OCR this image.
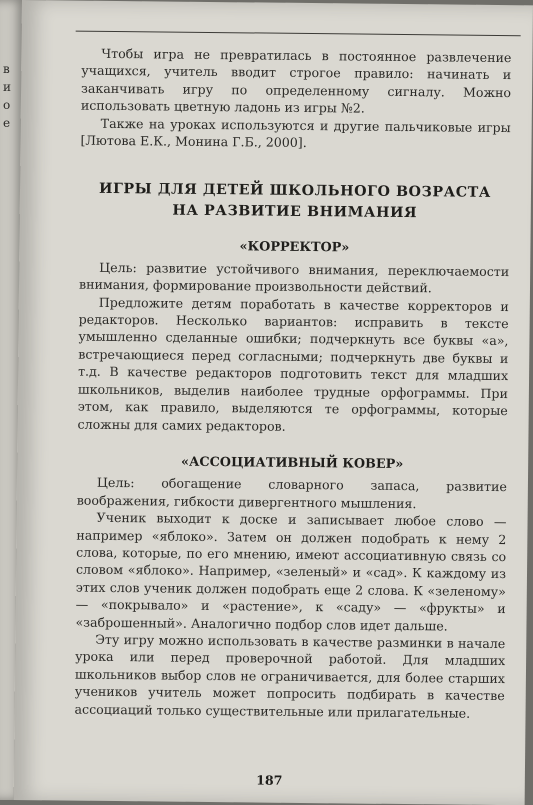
в
и
о
е

Чтобы игра не превратилась в постоянное развлечение учащихся, учитель вводит строгое правило: начинать и заканчивать игру по определенному сигналу. Можно использовать цветную ладонь из игры №2.

Также на уроках используются и другие пальчиковые игры [Лютова Е.К., Монина Г.Б., 2000].

ИГРЫ ДЛЯ ДЕТЕЙ ШКОЛЬНОГО ВОЗРАСТА
НА РАЗВИТИЕ ВНИМАНИЯ
«КОРРЕКТОР»

Цель: развитие устойчивого внимания, переключаемости внимания, формирование произвольности действий.

Предложите детям поработать в качестве корректоров и редакторов. Несколько вариантов: исправить в тексте умышленно сделанные ошибки; подчеркнуть все буквы «а», встречающиеся перед согласными; подчеркнуть две буквы и т.д. В качестве редакторов подготовить текст для младших школьников, выделив наиболее трудные орфограммы. При этом, как правило, выделяются те орфограммы, которые сложны для самих редакторов.

«АССОЦИАТИВНЫЙ КОВЕР»

Цель: обогащение словарного запаса, развитие воображения, гибкости дивергентного мышления.

Ученик выходит к доске и записывает любое слово — например «яблоко». Затем он должен подобрать к нему 2 слова, которые, по его мнению, имеют ассоциативную связь со словом «яблоко». Например, «зеленый» и «сад». К каждому из этих слов ученик должен подобрать еще 2 слова. К «зеленому» — «покрывало» и «растение», к «саду» — «фрукты» и «заброшенный». Аналогично подбор слов идет дальше.

Эту игру можно использовать в качестве разминки в начале урока или перед проверочной работой. Для младших школьников выбор слов не ограничивается, для более старших учеников учитель может попросить подбирать в качестве ассоциаций только существительные или прилагательные.

187
